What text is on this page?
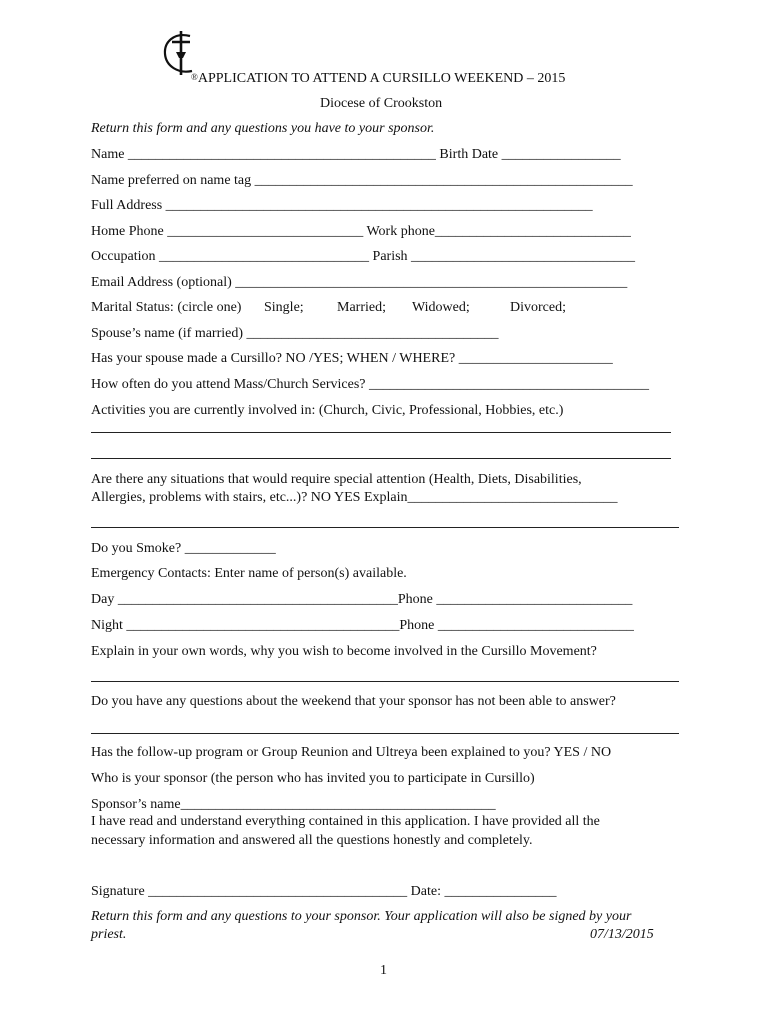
®APPLICATION TO ATTEND A CURSILLO WEEKEND – 2015
Diocese of Crookston
Return this form and any questions you have to your sponsor.
Name ____________________________________________ Birth Date _________________
Name preferred on name tag ______________________________________________________
Full Address _____________________________________________________________
Home Phone ____________________________ Work phone____________________________
Occupation ______________________________ Parish ________________________________
Email Address (optional) ________________________________________________________
Marital Status: (circle one) Single; Married; Widowed;	Divorced;
Spouse’s name (if married) ____________________________________
Has your spouse made a Cursillo? NO /YES; WHEN / WHERE? ______________________
How often do you attend Mass/Church Services? ________________________________________
Activities you are currently involved in: (Church, Civic, Professional, Hobbies, etc.)
Are there any situations that would require special attention (Health, Diets, Disabilities,
Allergies, problems with stairs, etc...)? NO YES Explain______________________________
Do you Smoke? _____________
Emergency Contacts: Enter name of person(s) available.
Day ________________________________________Phone ____________________________
Night _______________________________________Phone ____________________________
Explain in your own words, why you wish to become involved in the Cursillo Movement?
Do you have any questions about the weekend that your sponsor has not been able to answer?
Has the follow-up program or Group Reunion and Ultreya been explained to you? YES / NO
Who is your sponsor (the person who has invited you to participate in Cursillo)
Sponsor’s name_____________________________________________
I have read and understand everything contained in this application. I have provided all the
necessary information and answered all the questions honestly and completely.
Signature _____________________________________ Date: ________________
Return this form and any questions to your sponsor. Your application will also be signed by your
priest.	07/13/2015
1
